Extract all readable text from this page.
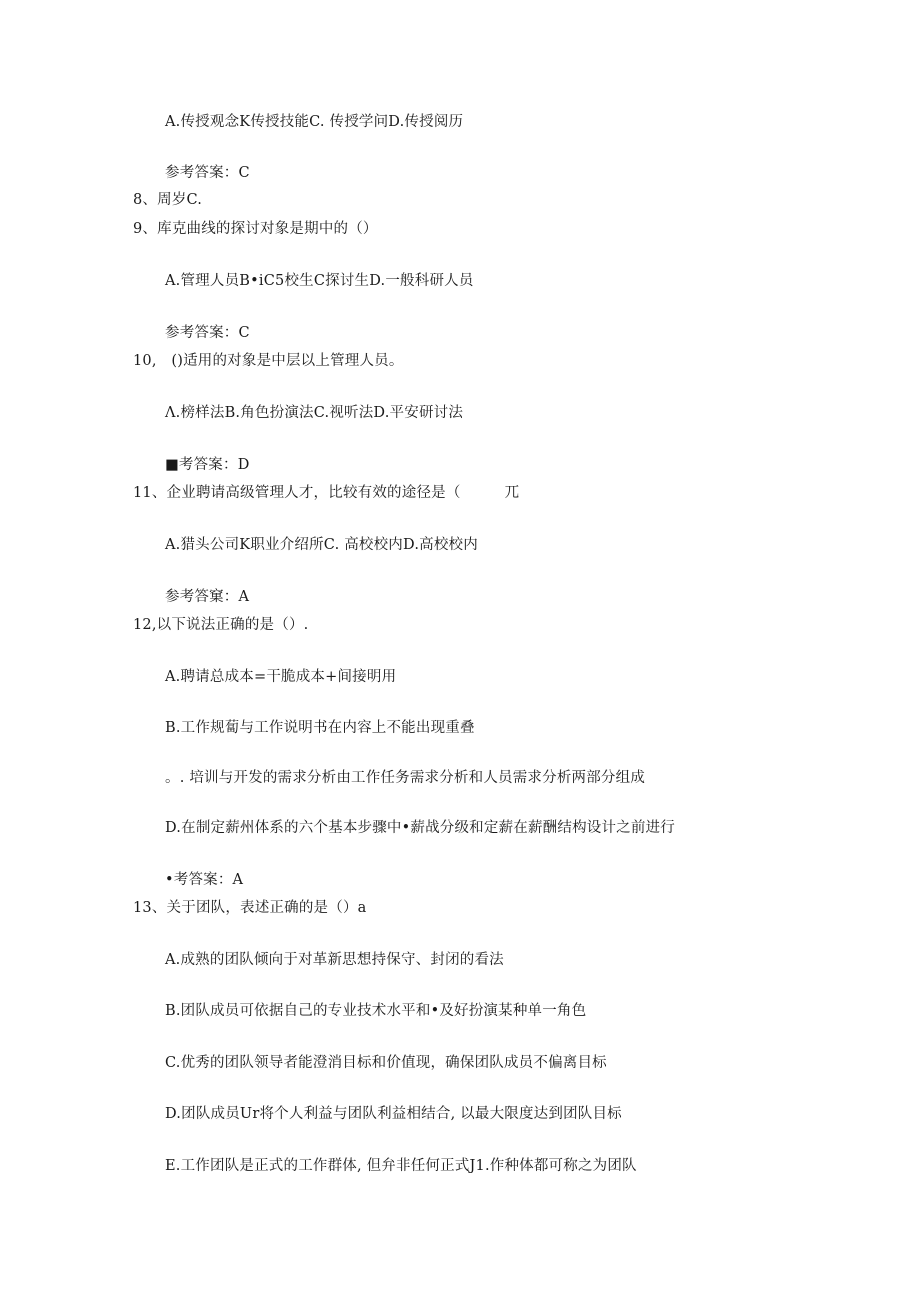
A.传授观念K传授技能C. 传授学问D.传授阅历
参考答案：C
8、周岁C.
9、库克曲线的探讨对象是期中的（）
A.管理人员B•iC5校生C探讨生D.一般科研人员
参考答案：C
10,　()适用的对象是中层以上管理人员。
Λ.榜样法B.角色扮演法C.视听法D.平安研讨法
■考答案：D
11、企业聘请高级管理人才，比较有效的途径是（　　　兀
A.猎头公司K职业介绍所C. 高校校内D.高校校内
参考答窠：A
12,以下说法正确的是（）.
A.聘请总成本=干脆成本+间接明用
B.工作规蔔与工作说明书在内容上不能出现重叠
。. 培训与开发的需求分析由工作任务需求分析和人员需求分析两部分组成
D.在制定薪州体系的六个基本步骤中•薪战分级和定薪在薪酬结构设计之前进行
•考答案：A
13、关于团队，表述正确的是（）a
A.成熟的团队倾向于对革新思想持保守、封闭的看法
B.团队成员可依据自己的专业技术水平和•及好扮演某种单一角色
C.优秀的团队领导者能澄消目标和价值现，确保团队成员不偏离目标
D.团队成员Ur将个人利益与团队利益相结合, 以最大限度达到团队目标
E.工作团队是正式的工作群体, 但弁非任何正式J1.作种体都可称之为团队
